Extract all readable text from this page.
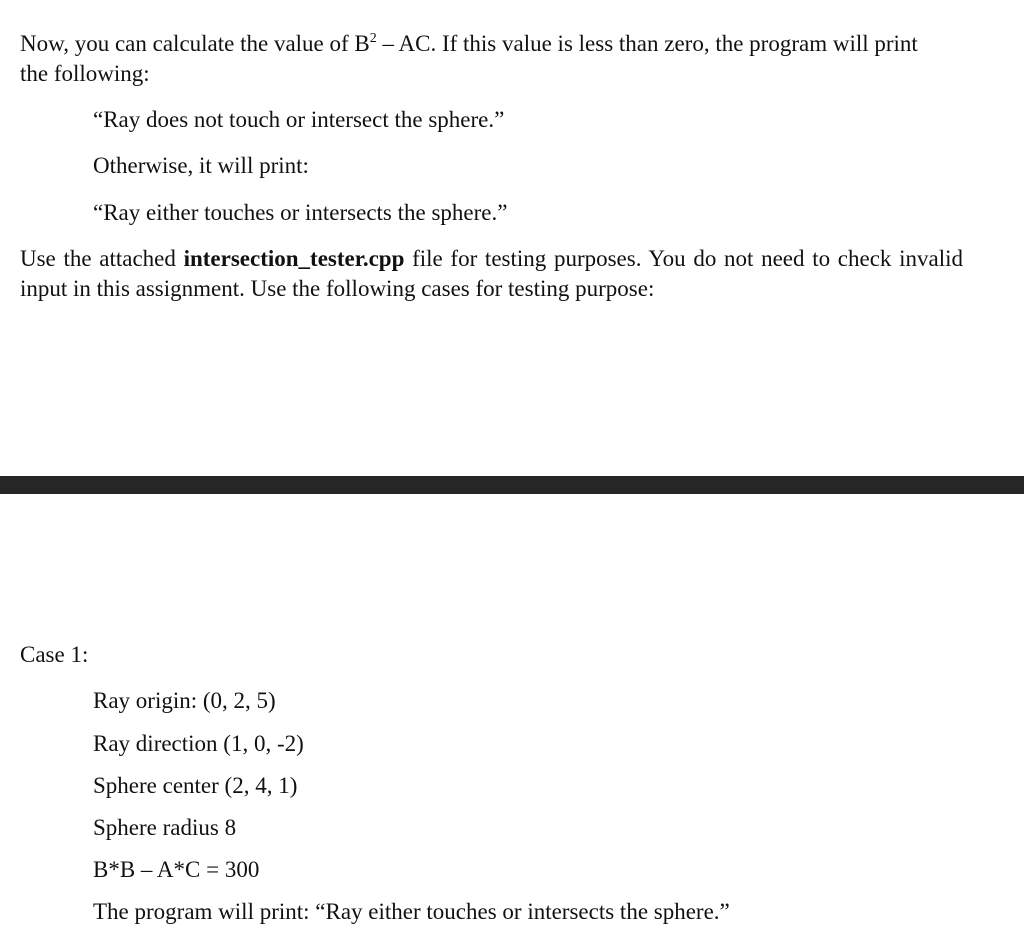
Now, you can calculate the value of $B^2$ – AC. If this value is less than zero, the program will print
the following:
“Ray does not touch or intersect the sphere.”
Otherwise, it will print:
“Ray either touches or intersects the sphere.”
Use the attached intersection_tester.cpp file for testing purposes. You do not need to check invalid input in this assignment. Use the following cases for testing purpose:
Case 1:
Ray origin: (0, 2, 5)
Ray direction (1, 0, -2)
Sphere center (2, 4, 1)
Sphere radius 8
B*B – A*C = 300
The program will print: “Ray either touches or intersects the sphere.”
